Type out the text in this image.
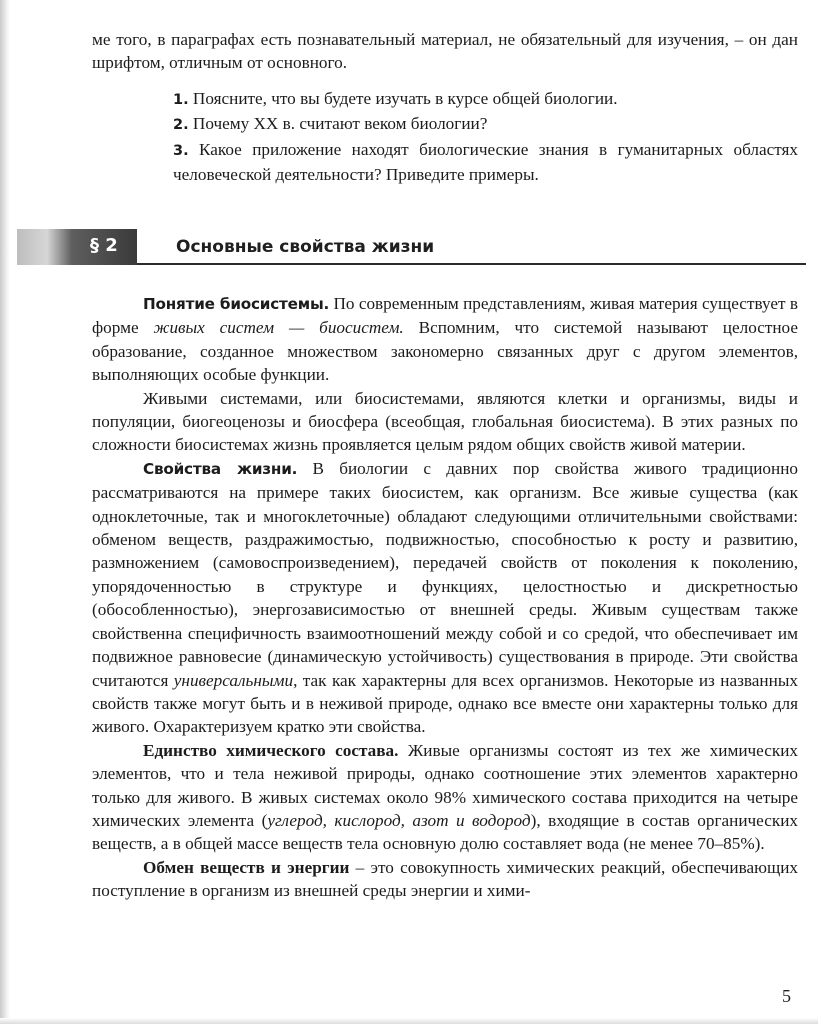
ме того, в параграфах есть познавательный материал, не обязательный для изучения, – он дан шрифтом, отличным от основного.

1. Поясните, что вы будете изучать в курсе общей биологии.

2. Почему XX в. считают веком биологии?

3. Какое приложение находят биологические знания в гуманитарных областях человеческой деятельности? Приведите примеры.

§ 2	Основные свойства жизни

Понятие биосистемы. По современным представлениям, живая материя существует в форме живых систем — биосистем. Вспомним, что системой называют целостное образование, созданное множеством закономерно связанных друг с другом элементов, выполняющих особые функции.

Живыми системами, или биосистемами, являются клетки и организмы, виды и популяции, биогеоценозы и биосфера (всеобщая, глобальная биосистема). В этих разных по сложности биосистемах жизнь проявляется целым рядом общих свойств живой материи.

Свойства жизни. В биологии с давних пор свойства живого традиционно рассматриваются на примере таких биосистем, как организм. Все живые существа (как одноклеточные, так и многоклеточные) обладают следующими отличительными свойствами: обменом веществ, раздражимостью, подвижностью, способностью к росту и развитию, размножением (самовоспроизведением), передачей свойств от поколения к поколению, упорядоченностью в структуре и функциях, целостностью и дискретностью (обособленностью), энергозависимостью от внешней среды. Живым существам также свойственна специфичность взаимоотношений между собой и со средой, что обеспечивает им подвижное равновесие (динамическую устойчивость) существования в природе. Эти свойства считаются универсальными, так как характерны для всех организмов. Некоторые из названных свойств также могут быть и в неживой природе, однако все вместе они характерны только для живого. Охарактеризуем кратко эти свойства.

Единство химического состава. Живые организмы состоят из тех же химических элементов, что и тела неживой природы, однако соотношение этих элементов характерно только для живого. В живых системах около 98% химического состава приходится на четыре химических элемента (углерод, кислород, азот и водород), входящие в состав органических веществ, а в общей массе веществ тела основную долю составляет вода (не менее 70–85%).

Обмен веществ и энергии – это совокупность химических реакций, обеспечивающих поступление в организм из внешней среды энергии и хими-

5
